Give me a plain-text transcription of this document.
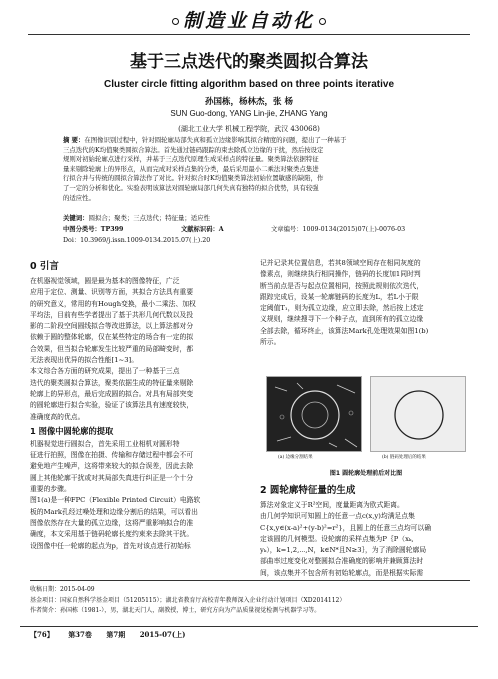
制造业自动化
基于三点迭代的聚类圆拟合算法
Cluster circle fitting algorithm based on three points iterative
孙国栋，杨林杰，张 杨
SUN Guo-dong, YANG Lin-jie, ZHANG Yang
(湖北工业大学 机械工程学院，武汉 430068)
摘 要：在图像识别过程中，针对圆轮廓局部失真和孤立边缘影响其拟合精度的问题，提出了一种基于
三点迭代的K均值聚类圆拟合算法。首先通过链码跟踪的束去除孤立边缘的干扰，然后按设定
规则对初始轮廓点进行采样，并基于三点迭代原理生成采样点的特征量。聚类算法依据特征
量来剔除轮廓上的异形点，从而完成对采样点集的分类，最后采用最小二乘法对聚类点集进
行拟合并与传统的圆拟合算法作了对比。针对拟合时K均值聚类算法初始位置敏感的缺陷，作
了一定的分析和优化。实验表明该算法对圆轮廓局部几何失真有独特的拟合优势，具有较强
的适应性。
关键词：圆拟合；聚类；三点迭代；特征量；适应性
中图分类号：TP399	文献标识码：A	文章编号：1009-0134(2015)07(上)-0076-03
Doi：10.3969/j.issn.1009-0134.2015.07(上).20
0 引言
在机器视觉领域，圆是最为基本的图像特征，广泛
应用于定位、测量、识别等方面，其拟合方法具有重要
的研究意义，常用的有Hough变换，最小二乘法、加权
平均法，目前有些学者提出了基于共形几何代数以及投
影的二阶段空间圆线拟合等改进算法，以上算法都对分
依赖于圆的整体轮廓，仅在某些特定的场合有一定的拟
合效果，但当拟合轮廓发生比较严重的局部畸变时，都
无法表现出优异的拟合性能[1~3]。
本文综合各方面的研究成果，提出了一种基于三点
迭代的聚类圆拟合算法，聚类依据生成的特征量来剔除
轮廓上的异形点，最后完成圆的拟合。对具有局部突变
的圆轮廓进行拟合实验，验证了该算法具有速度较快，
准确度高的优点。
1 图像中圆轮廓的提取
机器视觉进行圆拟合，首先采用工业相机对圆形特
征进行拍照，图像在拍摄、传输和存储过程中都会不可
避免地产生噪声，这将带来较大的拟合误差，因此去除
圆上其他轮廓干扰或对其局部失真进行纠正是一个十分
重要的步骤。
图1(a)是一种FPC（Flexible Printed Circuit）电路软
板的Mark孔经过噪处理和边缘分割后的结果，可以看出
图像依然存在大量的孤立边缘，这将严重影响拟合的准
确度，本文采用基于链码轮廓长度约束来去除其干扰。
设图像中任一轮廓的起点为p，首先对该点进行初始标
记并记录其位置信息，若其8领域空间存在相同灰度的
像素点，则继续执行相同操作，链码的长度加1同时判
断当前点是否与起点位置相同，按照此规则依次迭代，
跟踪完成后，设某一轮廓链码的长度为L，若L小于限
定阈值T₁，则为孤立边缘，应立即去除，然后按上述定
义规则，继续搜寻下一个种子点，直到所有的孤立边缘
全部去除，循环终止，该算法Mark孔处理效果如图1(b)
所示。
(a) 边缘分割结果	(b) 链码处理后的结果
图1 圆轮廓处理前后对比图
2 圆轮廓特征量的生成
算法对象定义于R²空间，度量距离为欧式距离。
由几何学知识可知圆上的任意一点c(x,y)均满足点集
C{x,y∈(x-a)²+(y-b)²=r²}，且圆上的任意三点均可以确
定该圆的几何模型。设轮廓的采样点集为P｛P（xₖ,
yₖ），k=1,2,⋯,N，k∈N*且N≥3｝，为了消除圆轮廓局
部曲率过度变化对整圆拟合准确度的影响并兼顾算法时
间，该点集并不包含所有初始轮廓点，而是根据实际需
收稿日期：2015-04-09
基金项目：国家自然科学基金项目（51205115）；湖北省教育厅高校青年教师深入企业行动计划项目（XD2014112）
作者简介：孙国栋（1981-），男，湖北天门人，副教授，博士，研究方向为产品质量视觉检测与机器学习等。
【76】 第37卷 第7期 2015-07(上)
